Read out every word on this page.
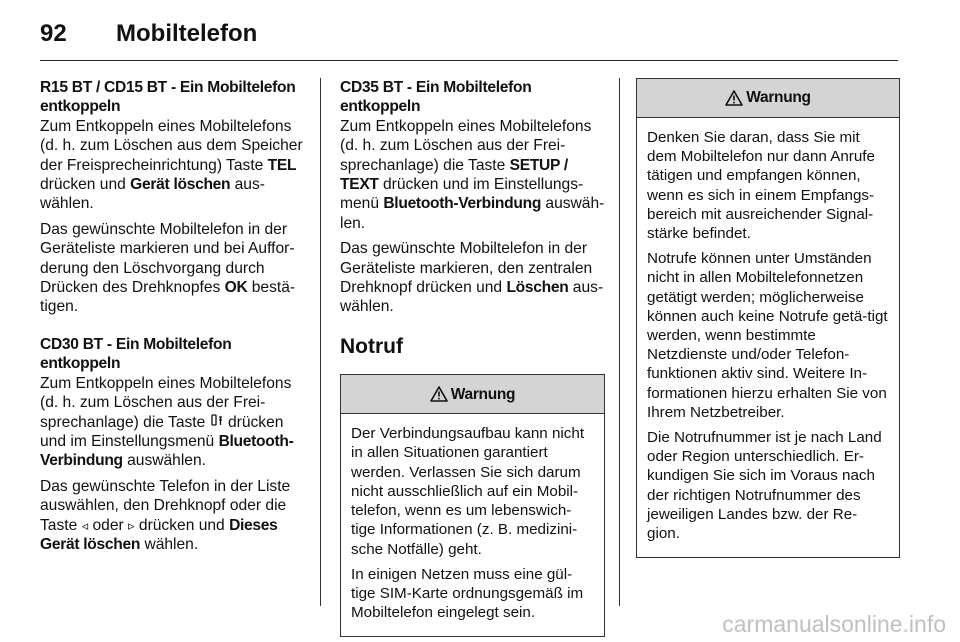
92	Mobiltelefon

R15 BT / CD15 BT - Ein Mobiltelefon entkoppeln

Zum Entkoppeln eines Mobiltelefons (d. h. zum Löschen aus dem Speicher der Freisprecheinrichtung) Taste TEL drücken und Gerät löschen aus-wählen.

Das gewünschte Mobiltelefon in der Geräteliste markieren und bei Auffor-derung den Löschvorgang durch Drücken des Drehknopfes OK bestä-tigen.

CD30 BT - Ein Mobiltelefon entkoppeln

Zum Entkoppeln eines Mobiltelefons (d. h. zum Löschen aus der Frei-sprechanlage) die Taste  drücken und im Einstellungsmenü Bluetooth-Verbindung auswählen.

Das gewünschte Telefon in der Liste auswählen, den Drehknopf oder die Taste ◃ oder ▹ drücken und Dieses Gerät löschen wählen.

CD35 BT - Ein Mobiltelefon entkoppeln

Zum Entkoppeln eines Mobiltelefons (d. h. zum Löschen aus der Frei-sprechanlage) die Taste SETUP / TEXT drücken und im Einstellungs-menü Bluetooth-Verbindung auswäh-len.

Das gewünschte Mobiltelefon in der Geräteliste markieren, den zentralen Drehknopf drücken und Löschen aus-wählen.

Notruf
Warnung

Der Verbindungsaufbau kann nicht in allen Situationen garantiert werden. Verlassen Sie sich darum nicht ausschließlich auf ein Mobil-telefon, wenn es um lebenswich-tige Informationen (z. B. medizini-sche Notfälle) geht.

In einigen Netzen muss eine gül-tige SIM-Karte ordnungsgemäß im Mobiltelefon eingelegt sein.

Warnung

Denken Sie daran, dass Sie mit dem Mobiltelefon nur dann Anrufe tätigen und empfangen können, wenn es sich in einem Empfangs-bereich mit ausreichender Signal-stärke befindet.

Notrufe können unter Umständen nicht in allen Mobiltelefonnetzen getätigt werden; möglicherweise können auch keine Notrufe getä-tigt werden, wenn bestimmte Netzdienste und/oder Telefon-funktionen aktiv sind. Weitere In-formationen hierzu erhalten Sie von Ihrem Netzbetreiber.

Die Notrufnummer ist je nach Land oder Region unterschiedlich. Er-kundigen Sie sich im Voraus nach der richtigen Notrufnummer des jeweiligen Landes bzw. der Re-gion.

carmanualsonline.info
